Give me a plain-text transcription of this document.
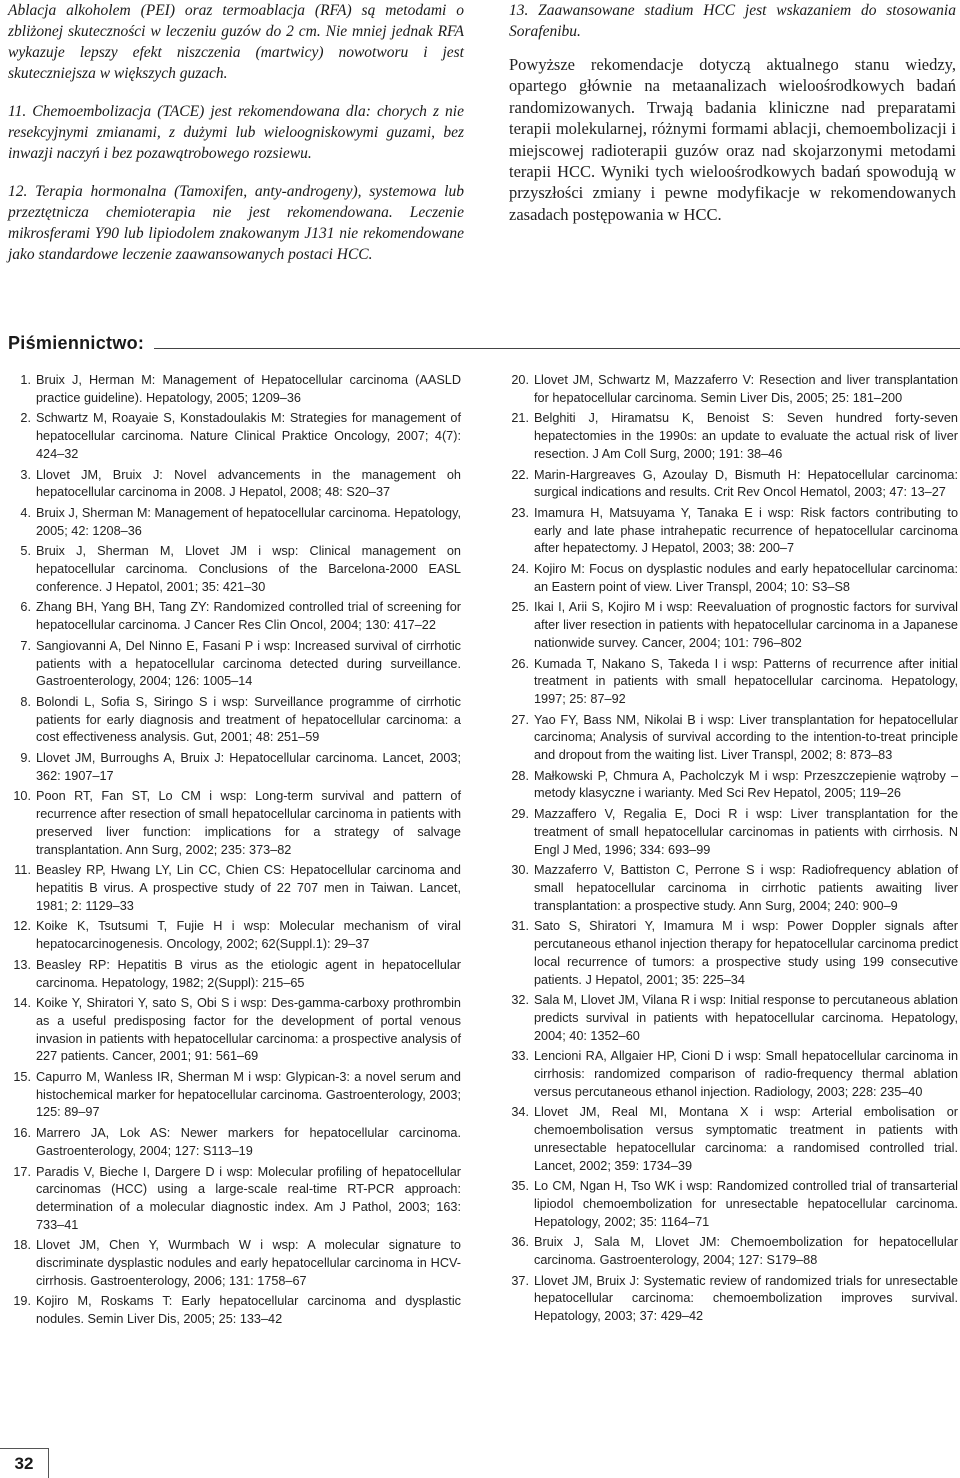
Ablacja alkoholem (PEI) oraz termoablacja (RFA) są metodami o zbliżonej skuteczności w leczeniu guzów do 2 cm. Nie mniej jednak RFA wykazuje lepszy efekt niszczenia (martwicy) nowotworu i jest skuteczniejsza w większych guzach.

11. Chemoembolizacja (TACE) jest rekomendowana dla: chorych z nie resekcyjnymi zmianami, z dużymi lub wieloogniskowymi guzami, bez inwazji naczyń i bez pozawątrobowego rozsiewu.

12. Terapia hormonalna (Tamoxifen, anty-androgeny), systemowa lub przeztętnicza chemioterapia nie jest rekomendowana. Leczenie mikrosferami Y90 lub lipiodolem znakowanym J131 nie rekomendowane jako standardowe leczenie zaawansowanych postaci HCC.

13. Zaawansowane stadium HCC jest wskazaniem do stosowania Sorafenibu.

Powyższe rekomendacje dotyczą aktualnego stanu wiedzy, opartego głównie na metaanalizach wieloośrodkowych badań randomizowanych. Trwają badania kliniczne nad preparatami terapii molekularnej, różnymi formami ablacji, chemoembolizacji i miejscowej radioterapii guzów oraz nad skojarzonymi metodami terapii HCC. Wyniki tych wieloośrodkowych badań spowodują w przyszłości zmiany i pewne modyfikacje w rekomendowanych zasadach postępowania w HCC.

Piśmiennictwo:
1. Bruix J, Herman M: Management of Hepatocellular carcinoma (AASLD practice guideline). Hepatology, 2005; 1209–36
2. Schwartz M, Roayaie S, Konstadoulakis M: Strategies for management of hepatocellular carcinoma. Nature Clinical Praktice Oncology, 2007; 4(7): 424–32
3. Llovet JM, Bruix J: Novel advancements in the management oh hepatocellular carcinoma in 2008. J Hepatol, 2008; 48: S20–37
4. Bruix J, Sherman M: Management of hepatocellular carcinoma. Hepatology, 2005; 42: 1208–36
5. Bruix J, Sherman M, Llovet JM i wsp: Clinical management on hepatocellular carcinoma. Conclusions of the Barcelona-2000 EASL conference. J Hepatol, 2001; 35: 421–30
6. Zhang BH, Yang BH, Tang ZY: Randomized controlled trial of screening for hepatocellular carcinoma. J Cancer Res Clin Oncol, 2004; 130: 417–22
7. Sangiovanni A, Del Ninno E, Fasani P i wsp: Increased survival of cirrhotic patients with a hepatocellular carcinoma detected during surveillance. Gastroenterology, 2004; 126: 1005–14
8. Bolondi L, Sofia S, Siringo S i wsp: Surveillance programme of cirrhotic patients for early diagnosis and treatment of hepatocellular carcinoma: a cost effectiveness analysis. Gut, 2001; 48: 251–59
9. Llovet JM, Burroughs A, Bruix J: Hepatocellular carcinoma. Lancet, 2003; 362: 1907–17
10. Poon RT, Fan ST, Lo CM i wsp: Long-term survival and pattern of recurrence after resection of small hepatocellular carcinoma in patients with preserved liver function: implications for a strategy of salvage transplantation. Ann Surg, 2002; 235: 373–82
11. Beasley RP, Hwang LY, Lin CC, Chien CS: Hepatocellular carcinoma and hepatitis B virus. A prospective study of 22 707 men in Taiwan. Lancet, 1981; 2: 1129–33
12. Koike K, Tsutsumi T, Fujie H i wsp: Molecular mechanism of viral hepatocarcinogenesis. Oncology, 2002; 62(Suppl.1): 29–37
13. Beasley RP: Hepatitis B virus as the etiologic agent in hepatocellular carcinoma. Hepatology, 1982; 2(Suppl): 215–65
14. Koike Y, Shiratori Y, sato S, Obi S i wsp: Des-gamma-carboxy prothrombin as a useful predisposing factor for the development of portal venous invasion in patients with hepatocellular carcinoma: a prospective analysis of 227 patients. Cancer, 2001; 91: 561–69
15. Capurro M, Wanless IR, Sherman M i wsp: Glypican-3: a novel serum and histochemical marker for hepatocellular carcinoma. Gastroenterology, 2003; 125: 89–97
16. Marrero JA, Lok AS: Newer markers for hepatocellular carcinoma. Gastroenterology, 2004; 127: S113–19
17. Paradis V, Bieche I, Dargere D i wsp: Molecular profiling of hepatocellular carcinomas (HCC) using a large-scale real-time RT-PCR approach: determination of a molecular diagnostic index. Am J Pathol, 2003; 163: 733–41
18. Llovet JM, Chen Y, Wurmbach W i wsp: A molecular signature to discriminate dysplastic nodules and early hepatocellular carcinoma in HCV-cirrhosis. Gastroenterology, 2006; 131: 1758–67
19. Kojiro M, Roskams T: Early hepatocellular carcinoma and dysplastic nodules. Semin Liver Dis, 2005; 25: 133–42
20. Llovet JM, Schwartz M, Mazzaferro V: Resection and liver transplantation for hepatocellular carcinoma. Semin Liver Dis, 2005; 25: 181–200
21. Belghiti J, Hiramatsu K, Benoist S: Seven hundred forty-seven hepatectomies in the 1990s: an update to evaluate the actual risk of liver resection. J Am Coll Surg, 2000; 191: 38–46
22. Marin-Hargreaves G, Azoulay D, Bismuth H: Hepatocellular carcinoma: surgical indications and results. Crit Rev Oncol Hematol, 2003; 47: 13–27
23. Imamura H, Matsuyama Y, Tanaka E i wsp: Risk factors contributing to early and late phase intrahepatic recurrence of hepatocellular carcinoma after hepatectomy. J Hepatol, 2003; 38: 200–7
24. Kojiro M: Focus on dysplastic nodules and early hepatocellular carcinoma: an Eastern point of view. Liver Transpl, 2004; 10: S3–S8
25. Ikai I, Arii S, Kojiro M i wsp: Reevaluation of prognostic factors for survival after liver resection in patients with hepatocellular carcinoma in a Japanese nationwide survey. Cancer, 2004; 101: 796–802
26. Kumada T, Nakano S, Takeda I i wsp: Patterns of recurrence after initial treatment in patients with small hepatocellular carcinoma. Hepatology, 1997; 25: 87–92
27. Yao FY, Bass NM, Nikolai B i wsp: Liver transplantation for hepatocellular carcinoma; Analysis of survival according to the intention-to-treat principle and dropout from the waiting list. Liver Transpl, 2002; 8: 873–83
28. Małkowski P, Chmura A, Pacholczyk M i wsp: Przeszczepienie wątroby – metody klasyczne i warianty. Med Sci Rev Hepatol, 2005; 119–26
29. Mazzaffero V, Regalia E, Doci R i wsp: Liver transplantation for the treatment of small hepatocellular carcinomas in patients with cirrhosis. N Engl J Med, 1996; 334: 693–99
30. Mazzaferro V, Battiston C, Perrone S i wsp: Radiofrequency ablation of small hepatocellular carcinoma in cirrhotic patients awaiting liver transplantation: a prospective study. Ann Surg, 2004; 240: 900–9
31. Sato S, Shiratori Y, Imamura M i wsp: Power Doppler signals after percutaneous ethanol injection therapy for hepatocellular carcinoma predict local recurrence of tumors: a prospective study using 199 consecutive patients. J Hepatol, 2001; 35: 225–34
32. Sala M, Llovet JM, Vilana R i wsp: Initial response to percutaneous ablation predicts survival in patients with hepatocellular carcinoma. Hepatology, 2004; 40: 1352–60
33. Lencioni RA, Allgaier HP, Cioni D i wsp: Small hepatocellular carcinoma in cirrhosis: randomized comparison of radio-frequency thermal ablation versus percutaneous ethanol injection. Radiology, 2003; 228: 235–40
34. Llovet JM, Real MI, Montana X i wsp: Arterial embolisation or chemoembolisation versus symptomatic treatment in patients with unresectable hepatocellular carcinoma: a randomised controlled trial. Lancet, 2002; 359: 1734–39
35. Lo CM, Ngan H, Tso WK i wsp: Randomized controlled trial of transarterial lipiodol chemoembolization for unresectable hepatocellular carcinoma. Hepatology, 2002; 35: 1164–71
36. Bruix J, Sala M, Llovet JM: Chemoembolization for hepatocellular carcinoma. Gastroenterology, 2004; 127: S179–88
37. Llovet JM, Bruix J: Systematic review of randomized trials for unresectable hepatocellular carcinoma: chemoembolization improves survival. Hepatology, 2003; 37: 429–42
32
